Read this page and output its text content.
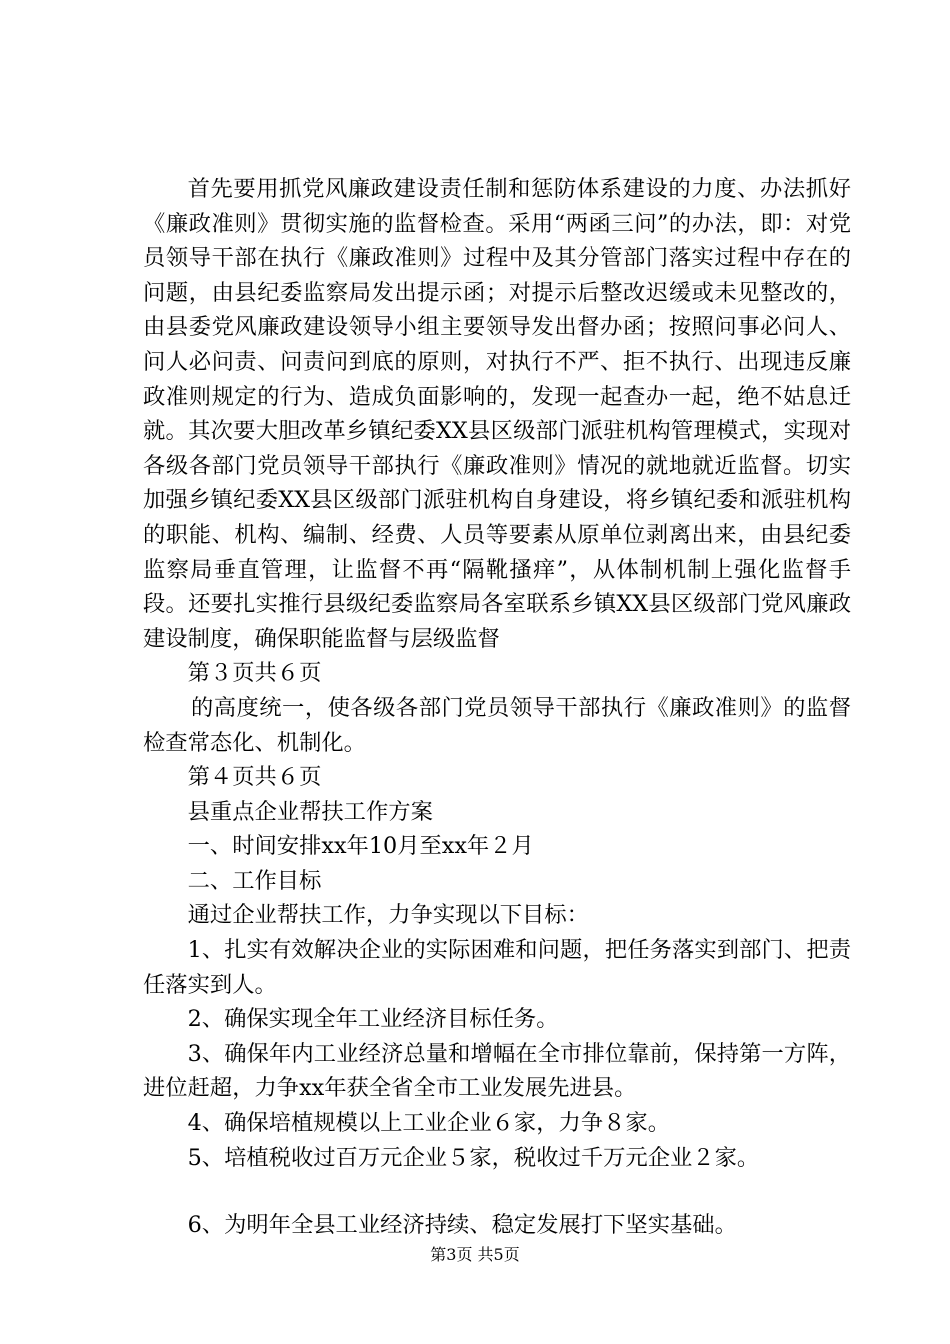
首先要用抓党风廉政建设责任制和惩防体系建设的力度、办法抓好《廉政准则》贯彻实施的监督检查。采用“两函三问”的办法，即：对党员领导干部在执行《廉政准则》过程中及其分管部门落实过程中存在的问题，由县纪委监察局发出提示函；对提示后整改迟缓或未见整改的，由县委党风廉政建设领导小组主要领导发出督办函；按照问事必问人、问人必问责、问责问到底的原则，对执行不严、拒不执行、出现违反廉政准则规定的行为、造成负面影响的，发现一起查办一起，绝不姑息迁就。其次要大胆改革乡镇纪委XX县区级部门派驻机构管理模式，实现对各级各部门党员领导干部执行《廉政准则》情况的就地就近监督。切实加强乡镇纪委XX县区级部门派驻机构自身建设，将乡镇纪委和派驻机构的职能、机构、编制、经费、人员等要素从原单位剥离出来，由县纪委监察局垂直管理，让监督不再“隔靴搔痒”，从体制机制上强化监督手段。还要扎实推行县级纪委监察局各室联系乡镇XX县区级部门党风廉政建设制度，确保职能监督与层级监督

第３页共６页

的高度统一，使各级各部门党员领导干部执行《廉政准则》的监督检查常态化、机制化。

第４页共６页

县重点企业帮扶工作方案

一、时间安排xx年10月至xx年２月

二、工作目标

通过企业帮扶工作，力争实现以下目标：

1、扎实有效解决企业的实际困难和问题，把任务落实到部门、把责任落实到人。

2、确保实现全年工业经济目标任务。

3、确保年内工业经济总量和增幅在全市排位靠前，保持第一方阵，进位赶超，力争xx年获全省全市工业发展先进县。

4、确保培植规模以上工业企业６家，力争８家。

5、培植税收过百万元企业５家，税收过千万元企业２家。

6、为明年全县工业经济持续、稳定发展打下坚实基础。

第3页 共5页
